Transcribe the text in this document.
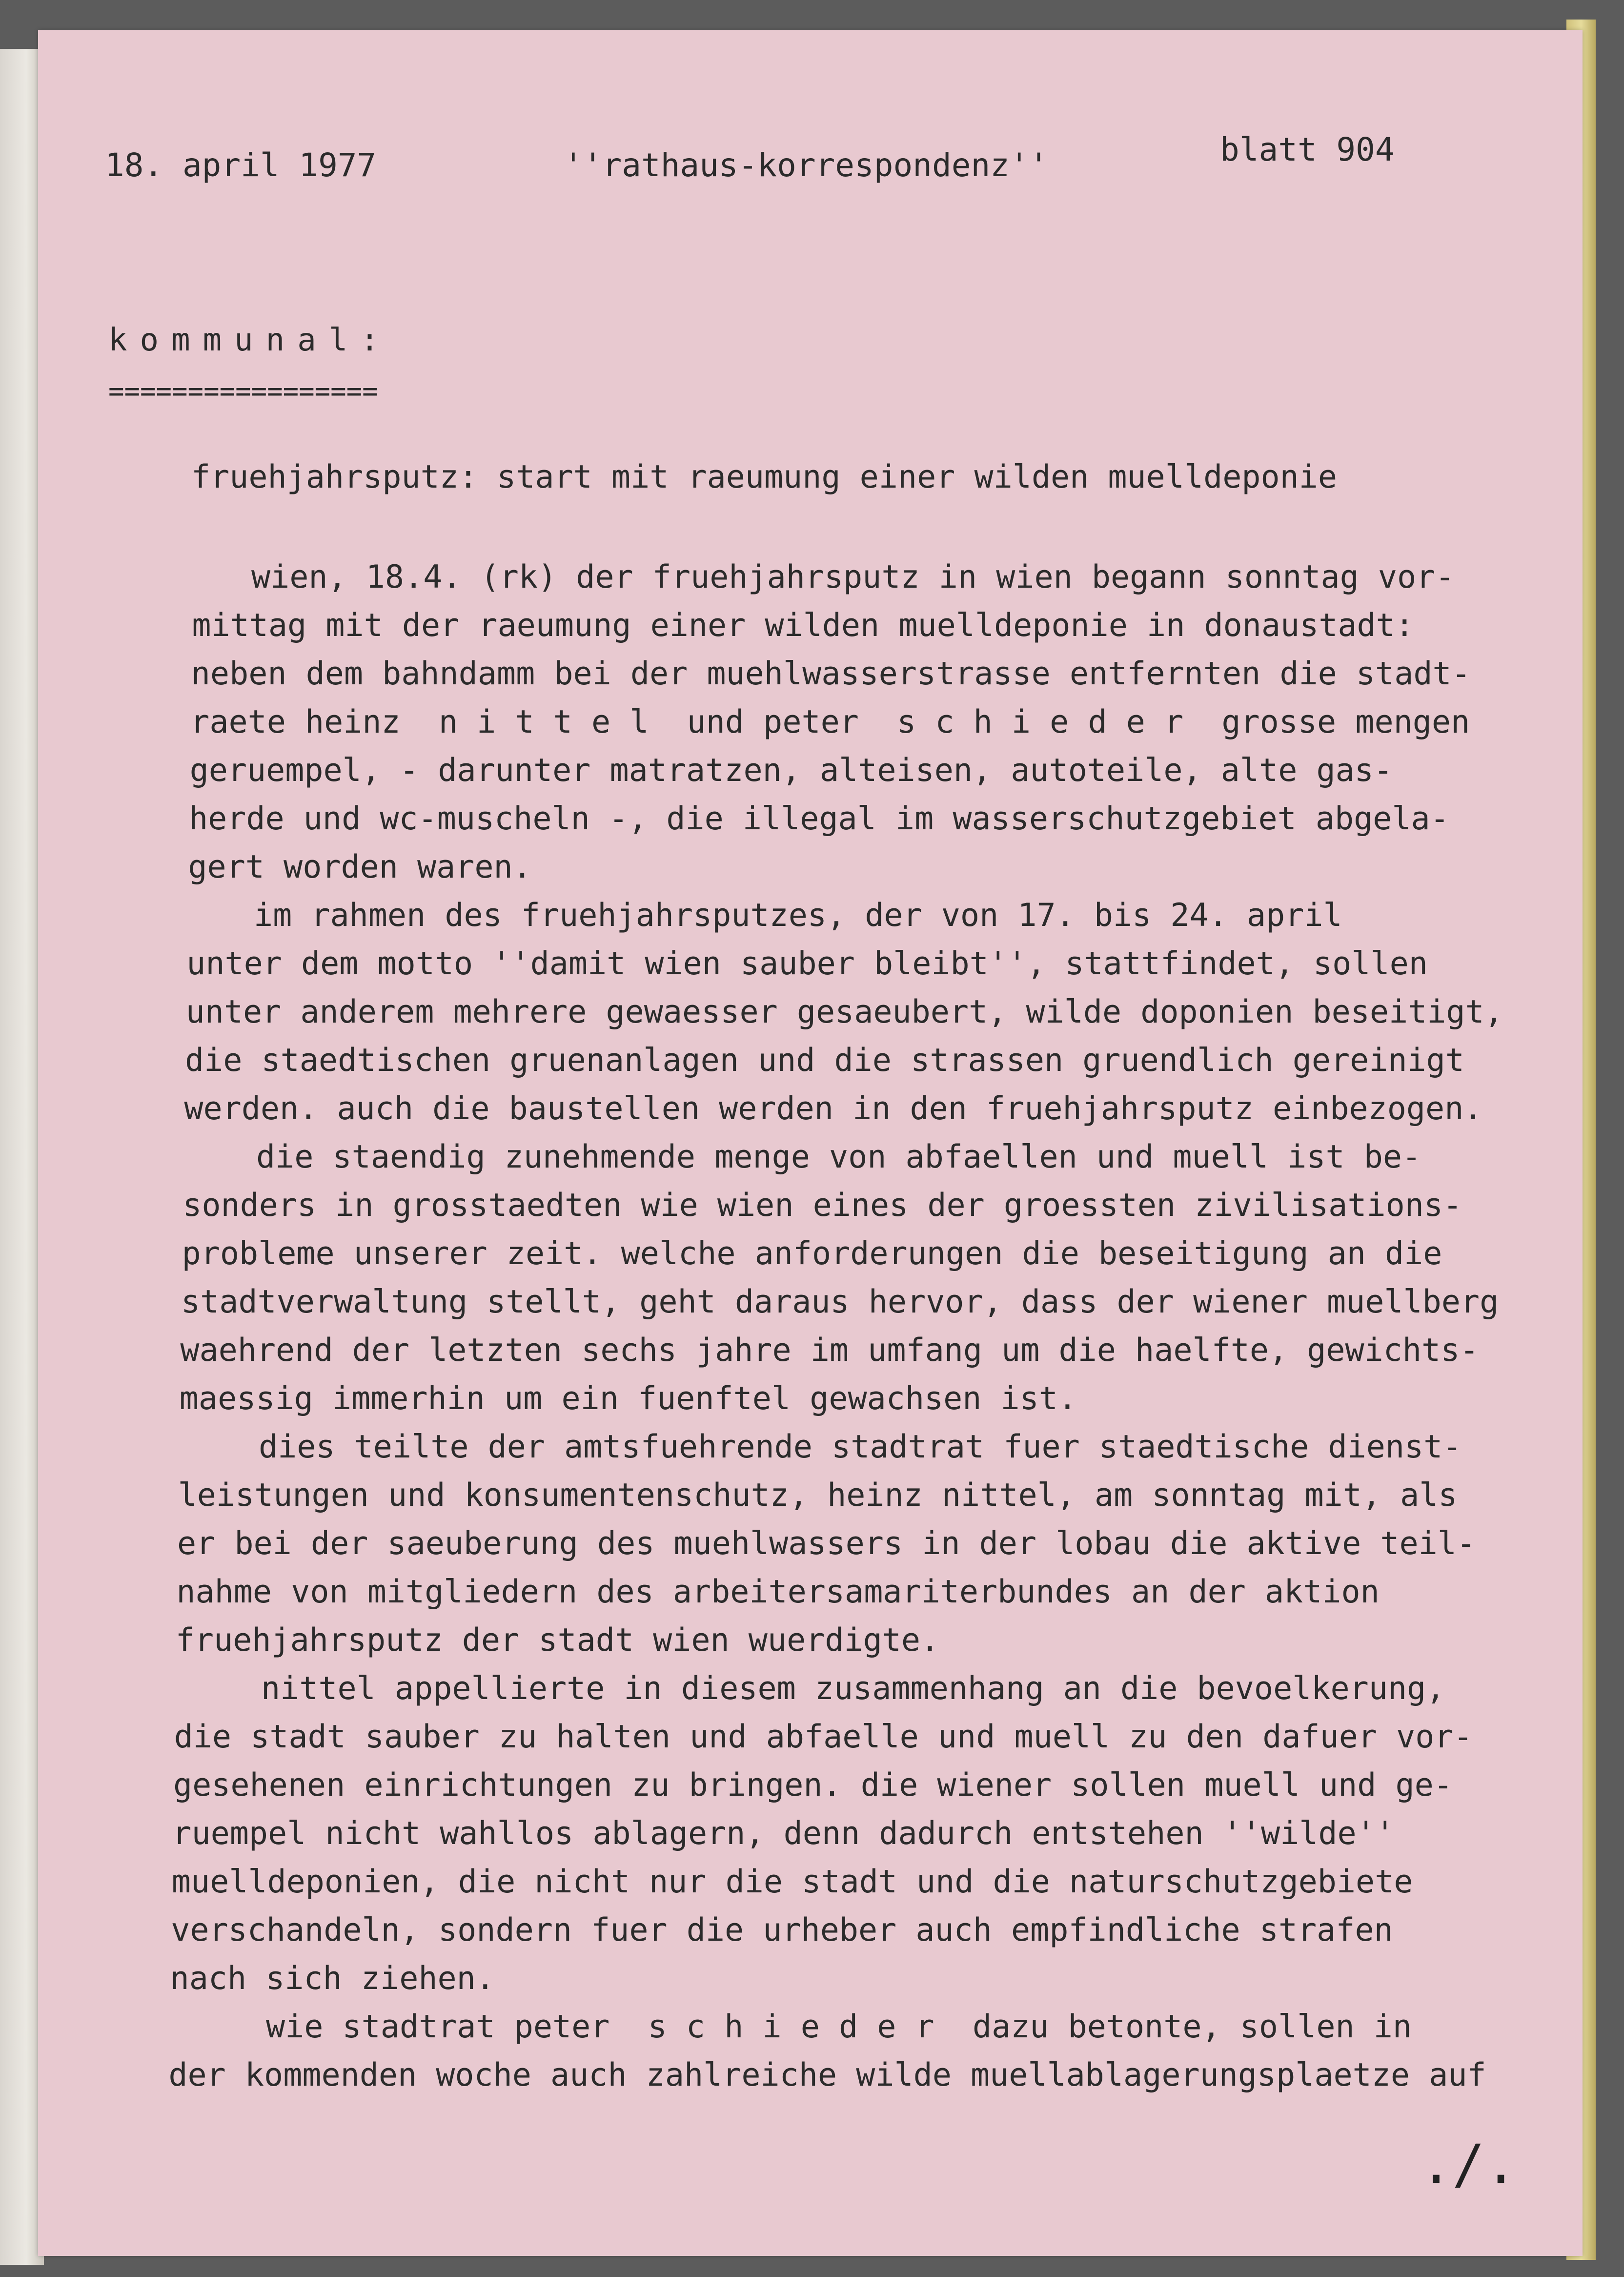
18. april 1977	''rathaus-korrespondenz''	blatt 904
kommunal:
=================
fruehjahrsputz: start mit raeumung einer wilden muelldeponie
wien, 18.4. (rk) der fruehjahrsputz in wien begann sonntag vor-
mittag mit der raeumung einer wilden muelldeponie in donaustadt:
neben dem bahndamm bei der muehlwasserstrasse entfernten die stadt-
raete heinz  n i t t e l  und peter  s c h i e d e r  grosse mengen
geruempel, - darunter matratzen, alteisen, autoteile, alte gas-
herde und wc-muscheln -, die illegal im wasserschutzgebiet abgela-
gert worden waren.
im rahmen des fruehjahrsputzes, der von 17. bis 24. april
unter dem motto ''damit wien sauber bleibt'', stattfindet, sollen
unter anderem mehrere gewaesser gesaeubert, wilde doponien beseitigt,
die staedtischen gruenanlagen und die strassen gruendlich gereinigt
werden. auch die baustellen werden in den fruehjahrsputz einbezogen.
die staendig zunehmende menge von abfaellen und muell ist be-
sonders in grosstaedten wie wien eines der groessten zivilisations-
probleme unserer zeit. welche anforderungen die beseitigung an die
stadtverwaltung stellt, geht daraus hervor, dass der wiener muellberg
waehrend der letzten sechs jahre im umfang um die haelfte, gewichts-
maessig immerhin um ein fuenftel gewachsen ist.
dies teilte der amtsfuehrende stadtrat fuer staedtische dienst-
leistungen und konsumentenschutz, heinz nittel, am sonntag mit, als
er bei der saeuberung des muehlwassers in der lobau die aktive teil-
nahme von mitgliedern des arbeitersamariterbundes an der aktion
fruehjahrsputz der stadt wien wuerdigte.
nittel appellierte in diesem zusammenhang an die bevoelkerung,
die stadt sauber zu halten und abfaelle und muell zu den dafuer vor-
gesehenen einrichtungen zu bringen. die wiener sollen muell und ge-
ruempel nicht wahllos ablagern, denn dadurch entstehen ''wilde''
muelldeponien, die nicht nur die stadt und die naturschutzgebiete
verschandeln, sondern fuer die urheber auch empfindliche strafen
nach sich ziehen.
wie stadtrat peter  s c h i e d e r  dazu betonte, sollen in
der kommenden woche auch zahlreiche wilde muellablagerungsplaetze auf
./.
